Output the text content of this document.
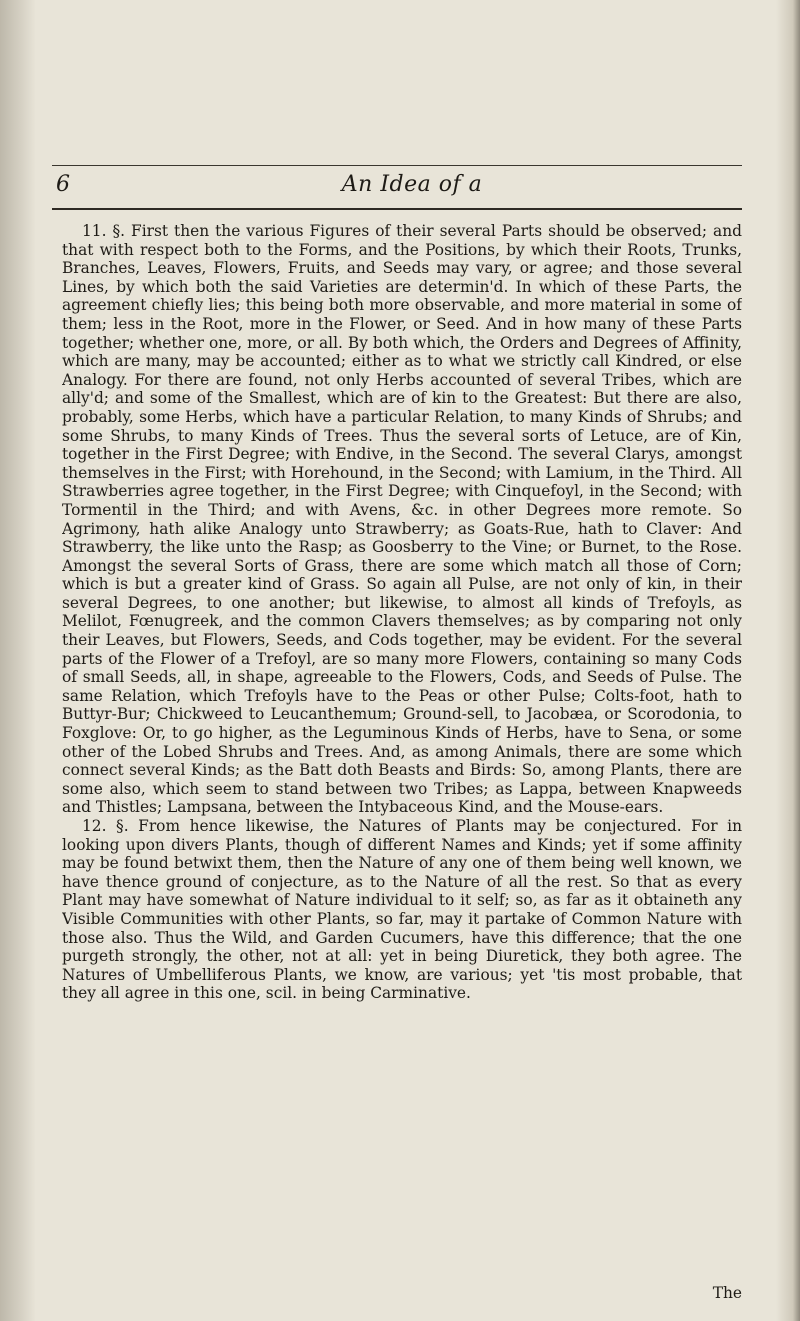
6	An Idea of a

11. §. First then the various Figures of their several Parts should be observed; and that with respect both to the Forms, and the Positions, by which their Roots, Trunks, Branches, Leaves, Flowers, Fruits, and Seeds may vary, or agree; and those several Lines, by which both the said Varieties are determin'd. In which of these Parts, the agreement chiefly lies; this being both more observable, and more material in some of them; less in the Root, more in the Flower, or Seed. And in how many of these Parts together; whether one, more, or all. By both which, the Orders and Degrees of Affinity, which are many, may be accounted; either as to what we strictly call Kindred, or else Analogy. For there are found, not only Herbs accounted of several Tribes, which are ally'd; and some of the Smallest, which are of kin to the Greatest: But there are also, probably, some Herbs, which have a particular Relation, to many Kinds of Shrubs; and some Shrubs, to many Kinds of Trees. Thus the several sorts of Letuce, are of Kin, together in the First Degree; with Endive, in the Second. The several Clarys, amongst themselves in the First; with Horehound, in the Second; with Lamium, in the Third. All Strawberries agree together, in the First Degree; with Cinquefoyl, in the Second; with Tormentil in the Third; and with Avens, &c. in other Degrees more remote. So Agrimony, hath alike Analogy unto Strawberry; as Goats-Rue, hath to Claver: And Strawberry, the like unto the Rasp; as Goosberry to the Vine; or Burnet, to the Rose. Amongst the several Sorts of Grass, there are some which match all those of Corn; which is but a greater kind of Grass. So again all Pulse, are not only of kin, in their several Degrees, to one another; but likewise, to almost all kinds of Trefoyls, as Melilot, Fœnugreek, and the common Clavers themselves; as by comparing not only their Leaves, but Flowers, Seeds, and Cods together, may be evident. For the several parts of the Flower of a Trefoyl, are so many more Flowers, containing so many Cods of small Seeds, all, in shape, agreeable to the Flowers, Cods, and Seeds of Pulse. The same Relation, which Trefoyls have to the Peas or other Pulse; Colts-foot, hath to Buttyr-Bur; Chickweed to Leucanthemum; Ground-sell, to Jacobæa, or Scorodonia, to Foxglove: Or, to go higher, as the Leguminous Kinds of Herbs, have to Sena, or some other of the Lobed Shrubs and Trees. And, as among Animals, there are some which connect several Kinds; as the Batt doth Beasts and Birds: So, among Plants, there are some also, which seem to stand between two Tribes; as Lappa, between Knapweeds and Thistles; Lampsana, between the Intybaceous Kind, and the Mouse-ears.

12. §. From hence likewise, the Natures of Plants may be conjectured. For in looking upon divers Plants, though of different Names and Kinds; yet if some affinity may be found betwixt them, then the Nature of any one of them being well known, we have thence ground of conjecture, as to the Nature of all the rest. So that as every Plant may have somewhat of Nature individual to it self; so, as far as it obtaineth any Visible Communities with other Plants, so far, may it partake of Common Nature with those also. Thus the Wild, and Garden Cucumers, have this difference; that the one purgeth strongly, the other, not at all: yet in being Diuretick, they both agree. The Natures of Umbelliferous Plants, we know, are various; yet 'tis most probable, that they all agree in this one, scil. in being Carminative.

The
